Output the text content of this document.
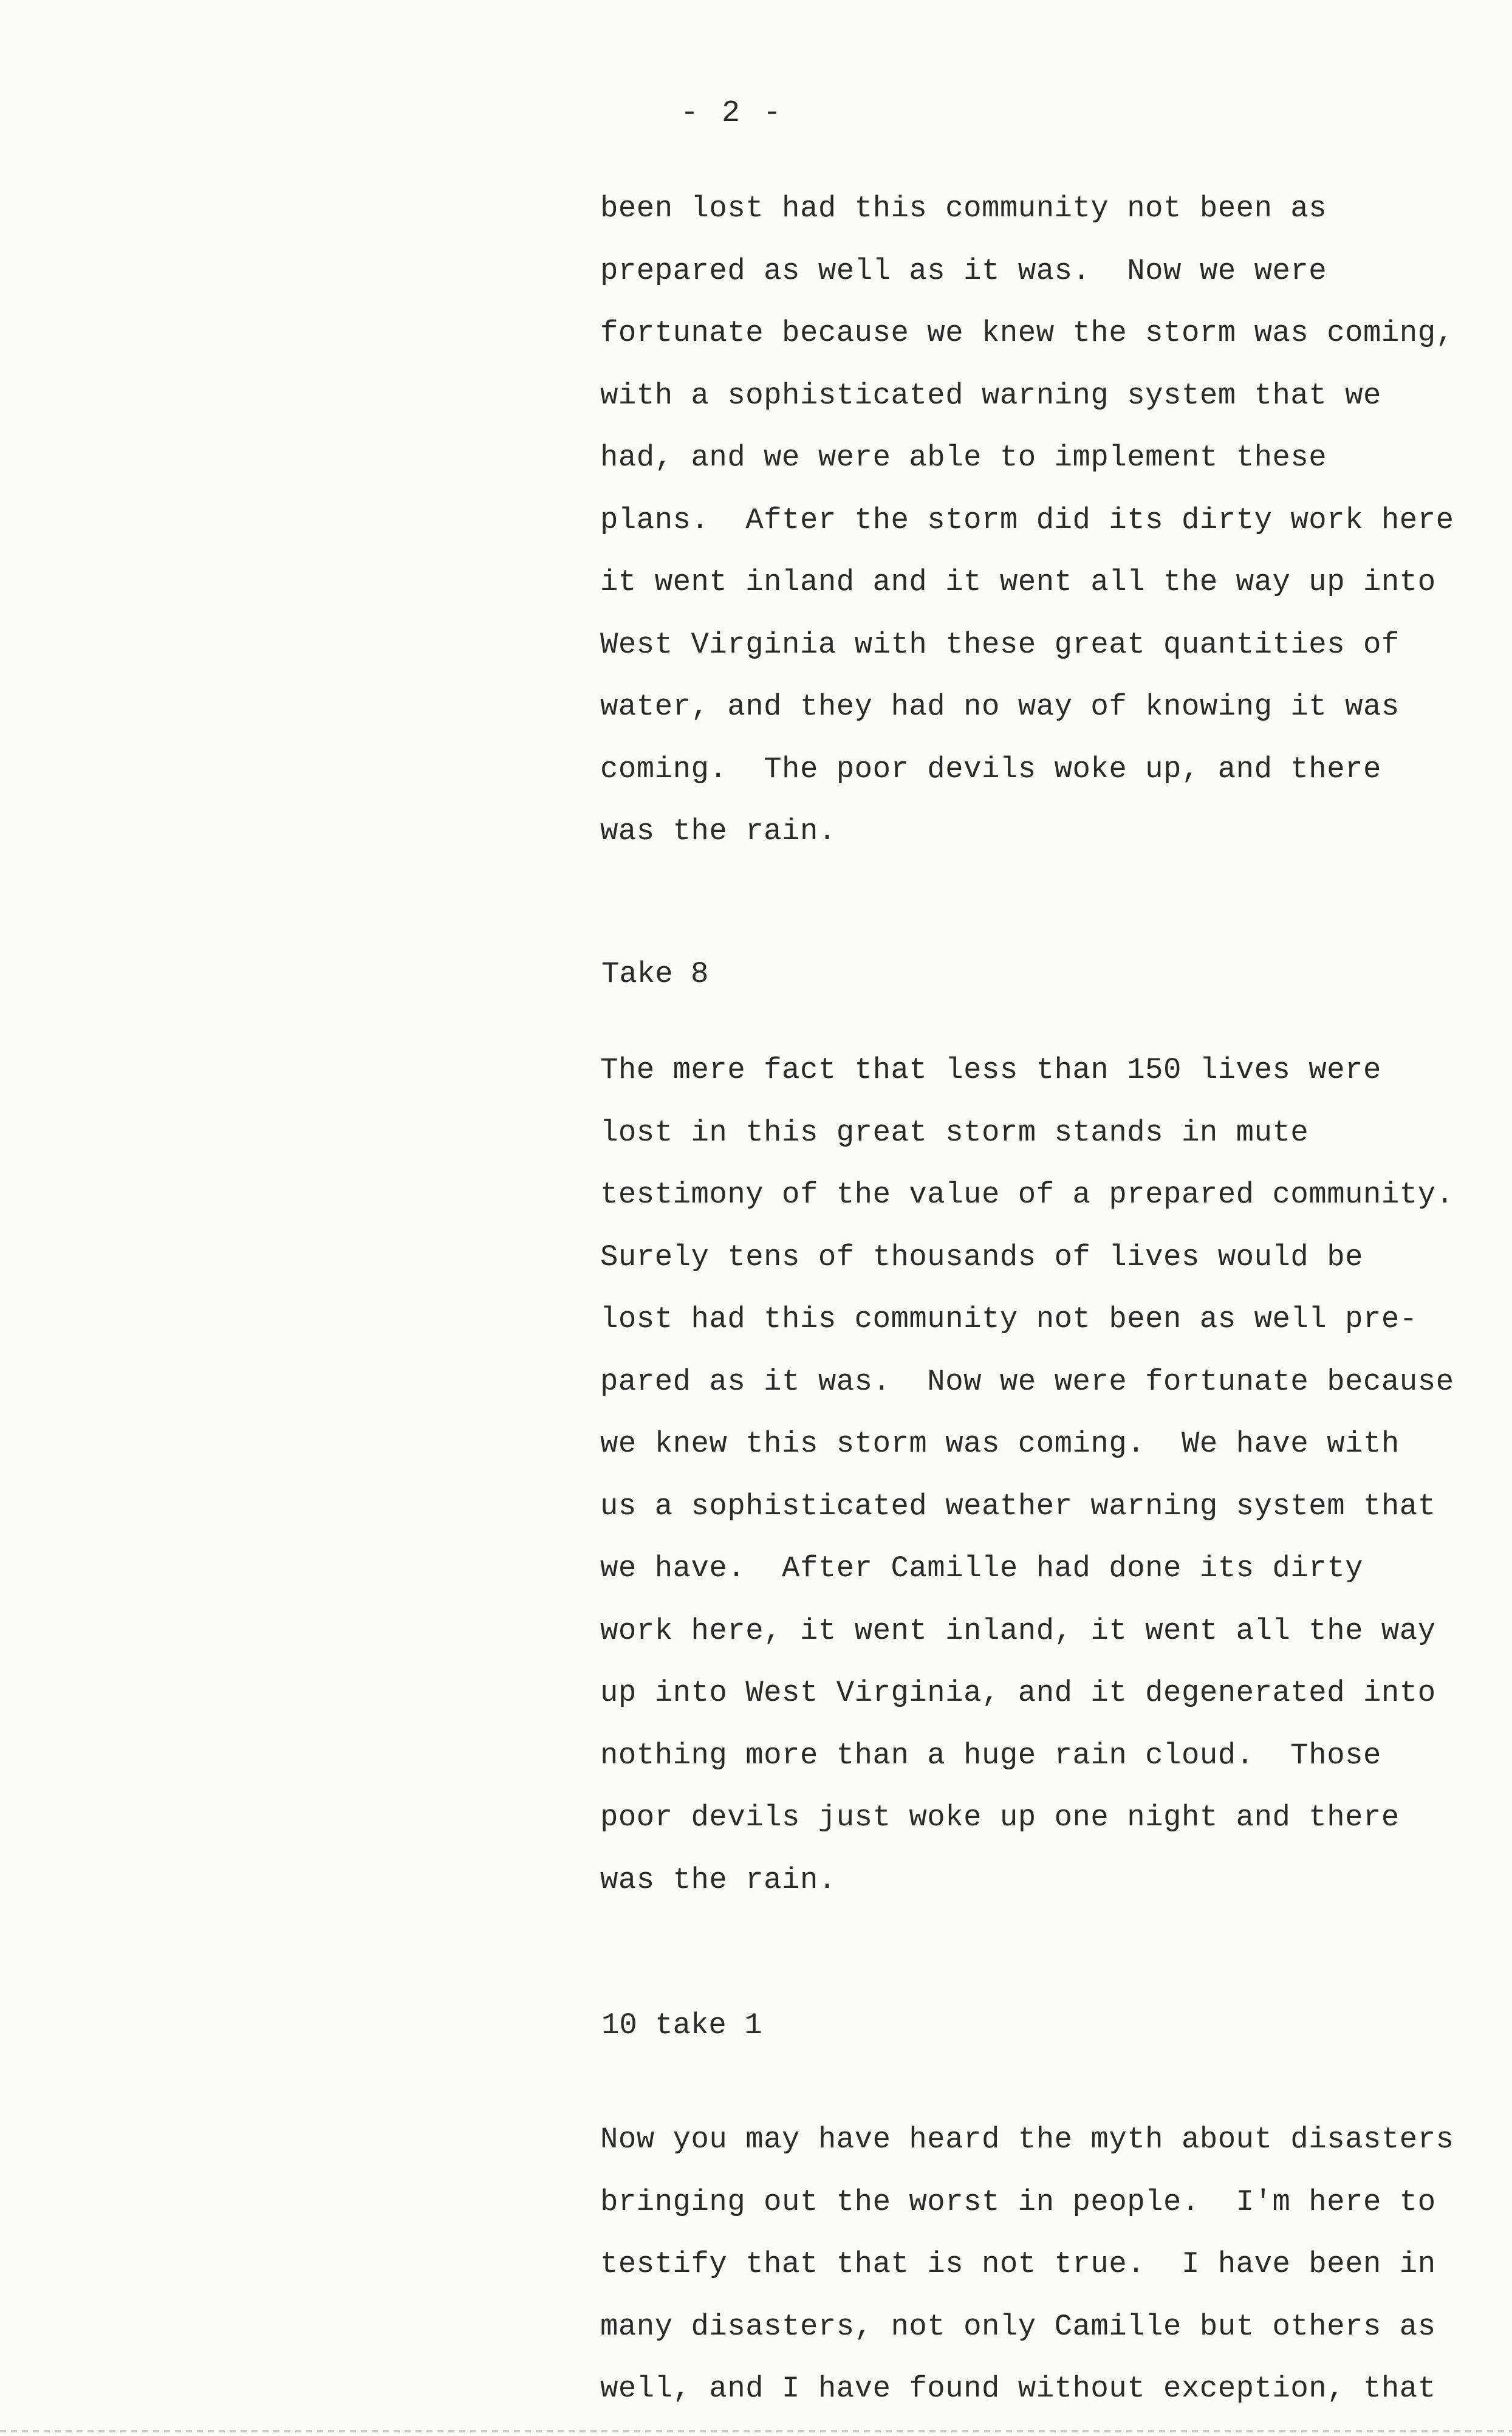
- 2 -
been lost had this community not been as
prepared as well as it was.  Now we were
fortunate because we knew the storm was coming,
with a sophisticated warning system that we
had, and we were able to implement these
plans.  After the storm did its dirty work here
it went inland and it went all the way up into
West Virginia with these great quantities of
water, and they had no way of knowing it was
coming.  The poor devils woke up, and there
was the rain.
Take 8
The mere fact that less than 150 lives were
lost in this great storm stands in mute
testimony of the value of a prepared community.
Surely tens of thousands of lives would be
lost had this community not been as well pre-
pared as it was.  Now we were fortunate because
we knew this storm was coming.  We have with
us a sophisticated weather warning system that
we have.  After Camille had done its dirty
work here, it went inland, it went all the way
up into West Virginia, and it degenerated into
nothing more than a huge rain cloud.  Those
poor devils just woke up one night and there
was the rain.
10 take 1
Now you may have heard the myth about disasters
bringing out the worst in people.  I'm here to
testify that that is not true.  I have been in
many disasters, not only Camille but others as
well, and I have found without exception, that
